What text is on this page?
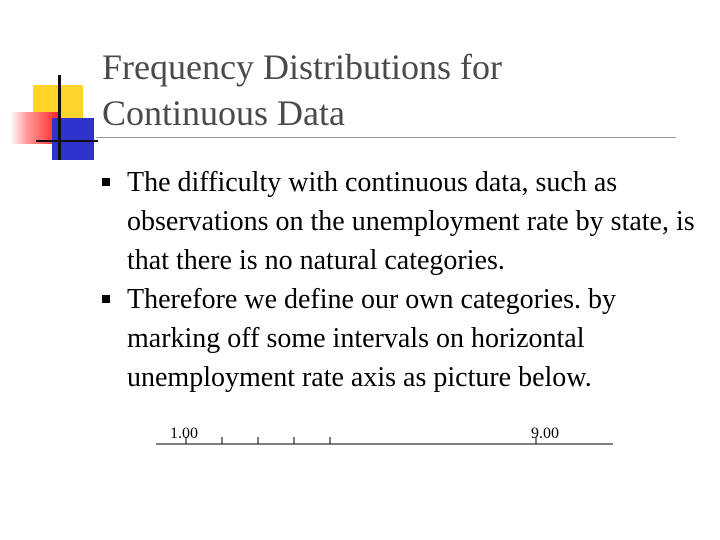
Frequency Distributions for
Continuous Data
The difficulty with continuous data, such as observations on the unemployment rate by state, is that there is no natural categories.
Therefore we define our own categories. by marking off some intervals on horizontal unemployment rate axis as picture below.
1.00	9.00
